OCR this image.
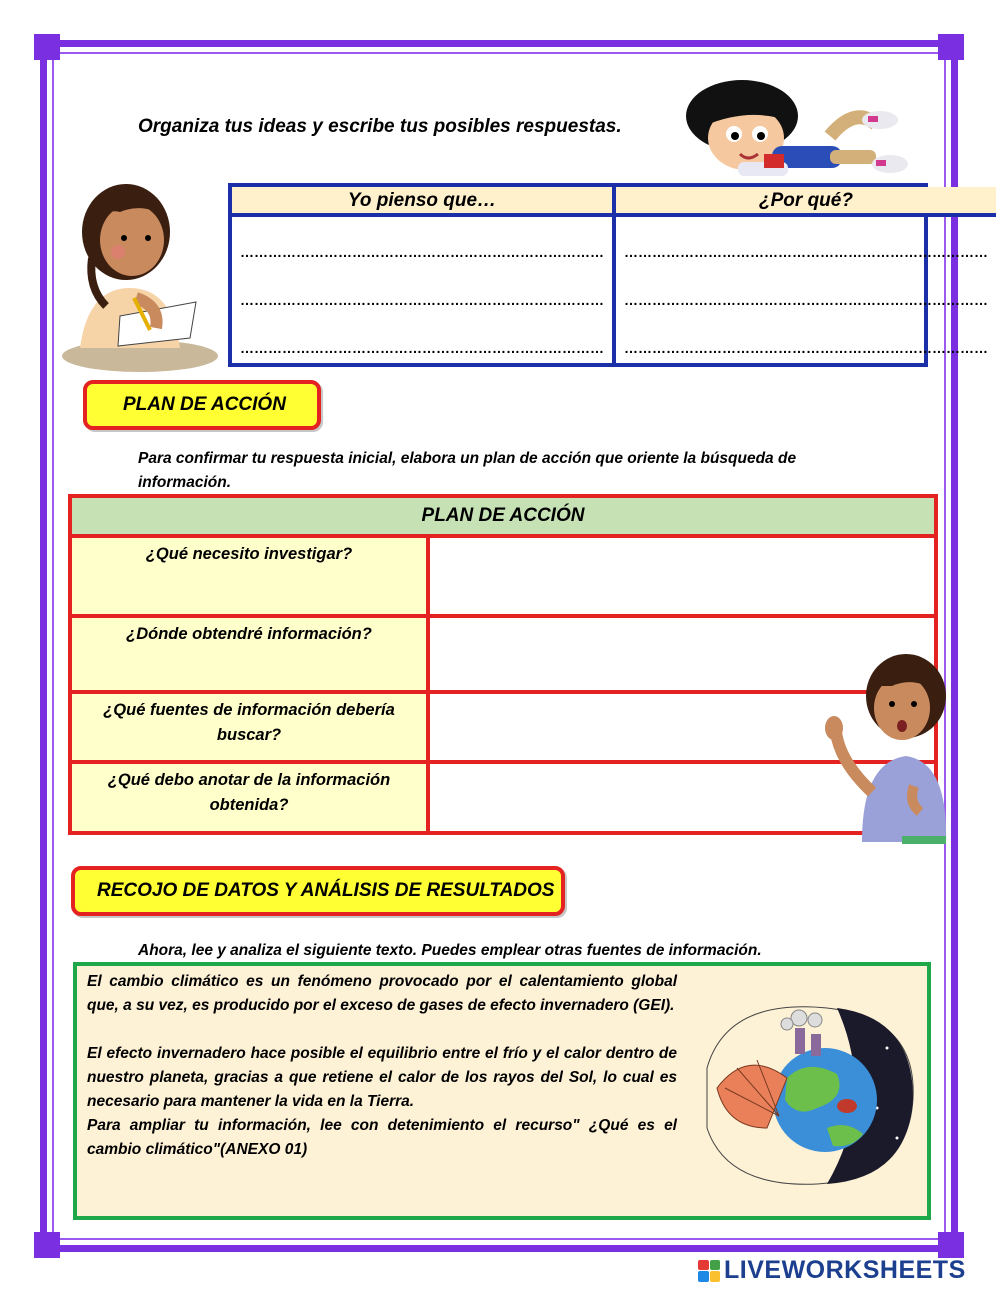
Organiza tus ideas y escribe tus posibles respuestas.
Yo pienso que…
……………………………………………………………………
……………………………………………………………………
……………………………………………………………………
¿Por qué?
……………………………………………………………………
……………………………………………………………………
……………………………………………………………………
PLAN DE ACCIÓN
Para confirmar tu respuesta inicial, elabora un plan de acción que oriente la búsqueda de información.
PLAN DE ACCIÓN
¿Qué necesito investigar?
¿Dónde obtendré información?
¿Qué fuentes de información debería buscar?
¿Qué debo anotar de la información obtenida?
RECOJO DE DATOS Y ANÁLISIS DE RESULTADOS
Ahora, lee y analiza el siguiente texto. Puedes emplear otras fuentes de información.

El cambio climático es un fenómeno provocado por el calentamiento global que, a su vez, es producido por el exceso de gases de efecto invernadero (GEI).

El efecto invernadero hace posible el equilibrio entre el frío y el calor dentro de nuestro planeta, gracias a que retiene el calor de los rayos del Sol, lo cual es necesario para mantener la vida en la Tierra.

Para ampliar tu información, lee con detenimiento el recurso" ¿Qué es el cambio climático"(ANEXO 01)

LIVEWORKSHEETS
